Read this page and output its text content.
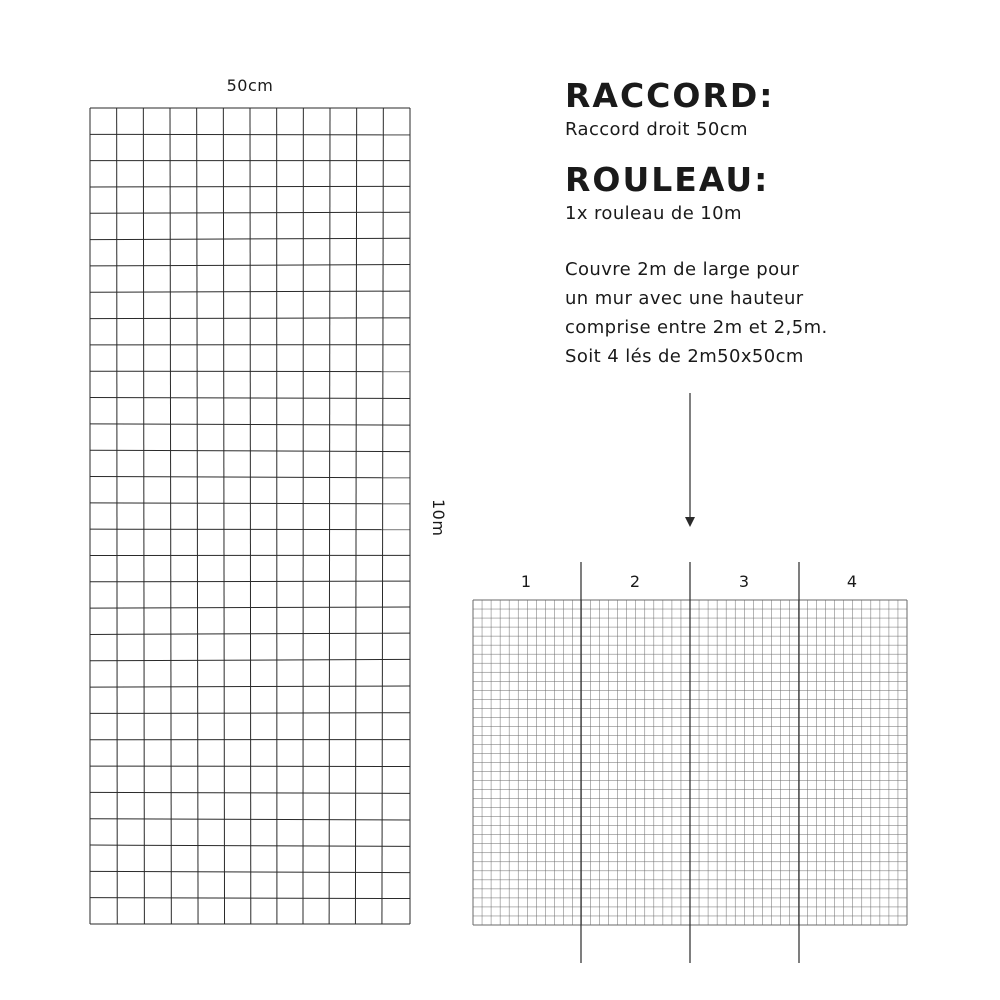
50cm
10m
RACCORD:
Raccord droit 50cm
ROULEAU:
1x rouleau de 10m
Couvre 2m de large pour
un mur avec une hauteur
comprise entre 2m et 2,5m.
Soit 4 lés de 2m50x50cm
1	2	3	4
